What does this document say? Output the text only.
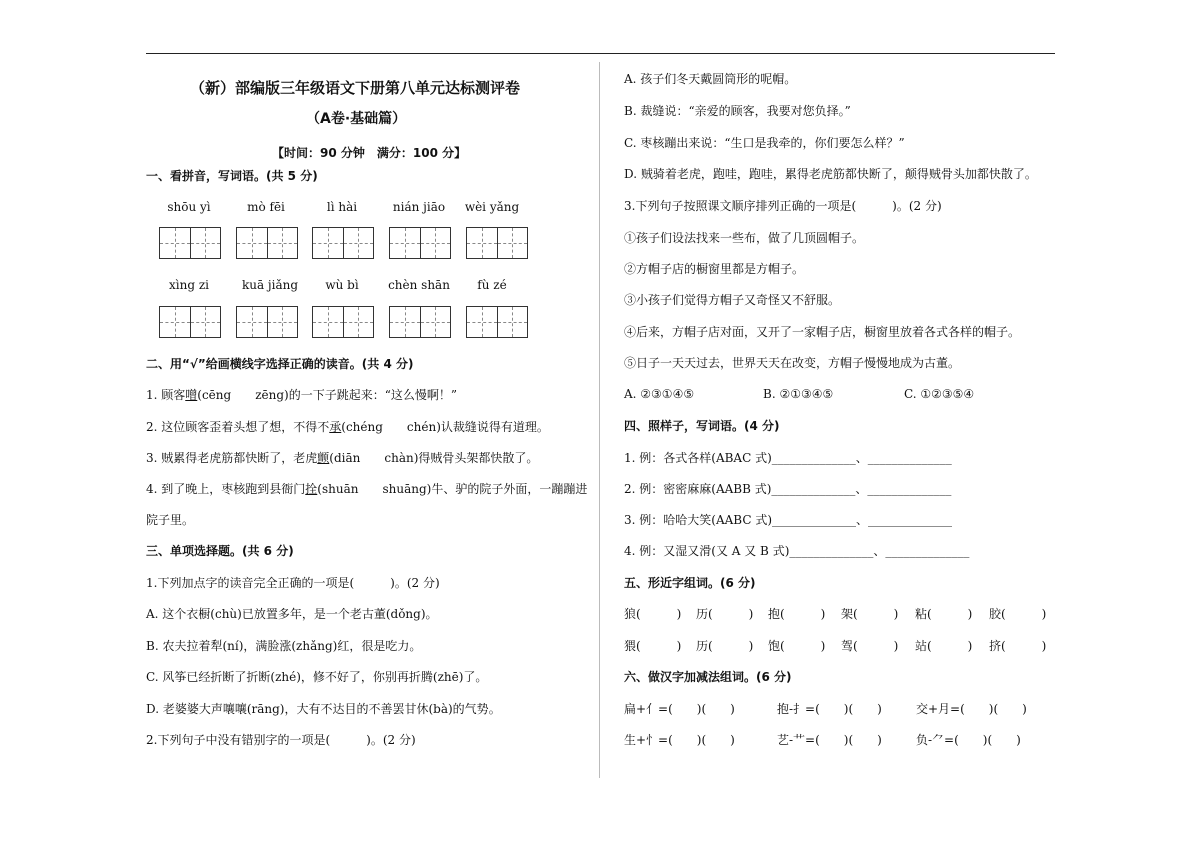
（新）部编版三年级语文下册第八单元达标测评卷
（A卷·基础篇）
【时间：90 分钟　满分：100 分】
一、看拼音，写词语。(共 5 分)
shōu yì	mò fēi	lì hài	nián jiāo	wèi yǎng
xìng zi	kuā jiǎng	wù bì	chèn shān	fù zé
二、用“√”给画横线字选择正确的读音。(共 4 分)
1. 顾客噌(cēng　　zēng)的一下子跳起来：“这么慢啊！”
2. 这位顾客歪着头想了想，不得不承(chéng　　chén)认裁缝说得有道理。
3. 贼累得老虎筋都快断了，老虎颤(diān　　chàn)得贼骨头架都快散了。
4. 到了晚上，枣核跑到县衙门拴(shuān　　shuāng)牛、驴的院子外面，一蹦蹦进
院子里。
三、单项选择题。(共 6 分)
1.下列加点字的读音完全正确的一项是(　　　)。(2 分)
A. 这个衣橱(chù)已放置多年，是一个老古董(dǒng)。
B. 农夫拉着犁(ní)，满脸涨(zhǎng)红，很是吃力。
C. 风筝已经折断了折断(zhé)，修不好了，你别再折腾(zhē)了。
D. 老婆婆大声嚷嚷(rāng)，大有不达目的不善罢甘休(bà)的气势。
2.下列句子中没有错别字的一项是(　　　)。(2 分)
A. 孩子们冬天戴圆筒形的呢帽。
B. 裁缝说：“亲爱的顾客，我要对您负择。”
C. 枣核蹦出来说：“生口是我牵的，你们要怎么样？”
D. 贼骑着老虎，跑哇，跑哇，累得老虎筋都快断了，颠得贼骨头加都快散了。
3.下列句子按照课文顺序排列正确的一项是(　　　)。(2 分)
①孩子们设法找来一些布，做了几顶圆帽子。
②方帽子店的橱窗里都是方帽子。
③小孩子们觉得方帽子又奇怪又不舒服。
④后来，方帽子店对面，又开了一家帽子店，橱窗里放着各式各样的帽子。
⑤日子一天天过去，世界天天在改变，方帽子慢慢地成为古董。
A. ②③①④⑤	B. ②①③④⑤	C. ①②③⑤④
四、照样子，写词语。(4 分)
1. 例：各式各样(ABAC 式)______________、______________
2. 例：密密麻麻(AABB 式)______________、______________
3. 例：哈哈大笑(AABC 式)______________、______________
4. 例：又湿又滑(又 A 又 B 式)______________、______________
五、形近字组词。(6 分)
狼(　　　) 历(　　　) 抱(　　　) 架(　　　) 粘(　　　) 胶(　　　)
猥(　　　) 历(　　　) 饱(　　　) 驾(　　　) 站(　　　) 挤(　　　)
六、做汉字加减法组词。(6 分)
扁+亻=(　　)(　　)	抱-扌=(　　)(　　)	交+月=(　　)(　　)
生+忄=(　　)(　　)	艺-艹=(　　)(　　)	负-⺈=(　　)(　　)
